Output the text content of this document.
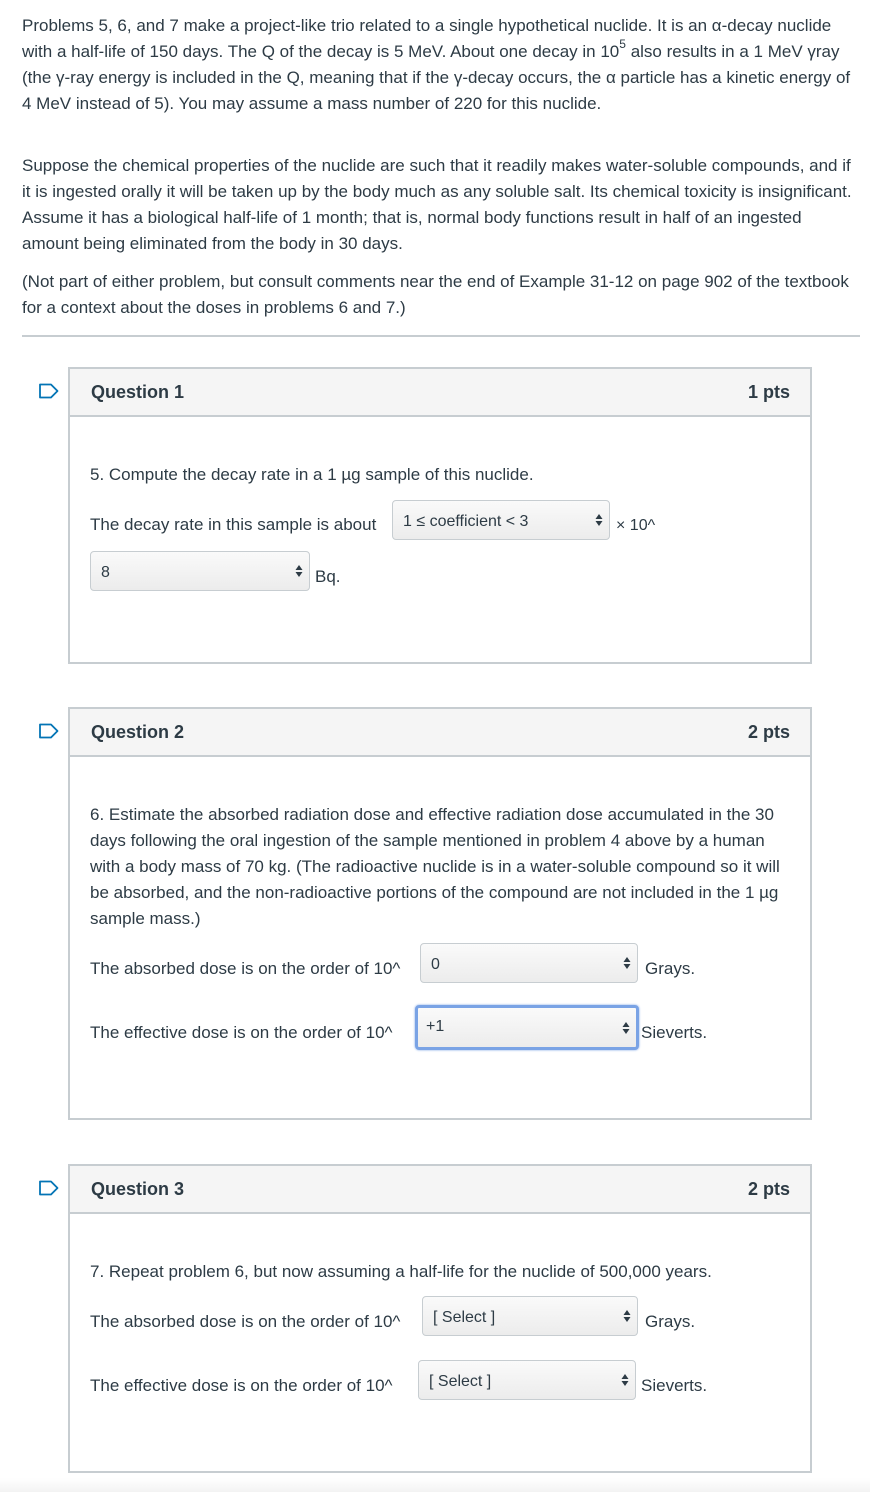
Problems 5, 6, and 7 make a project-like trio related to a single hypothetical nuclide. It is an α-decay nuclide with a half-life of 150 days. The Q of the decay is 5 MeV. About one decay in $10^5$ also results in a 1 MeV γray (the γ-ray energy is included in the Q, meaning that if the γ-decay occurs, the α particle has a kinetic energy of 4 MeV instead of 5). You may assume a mass number of 220 for this nuclide.

Suppose the chemical properties of the nuclide are such that it readily makes water-soluble compounds, and if it is ingested orally it will be taken up by the body much as any soluble salt. Its chemical toxicity is insignificant. Assume it has a biological half-life of 1 month; that is, normal body functions result in half of an ingested amount being eliminated from the body in 30 days.

(Not part of either problem, but consult comments near the end of Example 31-12 on page 902 of the textbook for a context about the doses in problems 6 and 7.)

Question 1	1 pts
5. Compute the decay rate in a 1 µg sample of this nuclide.
The decay rate in this sample is about	1 ≤ coefficient < 3	× 10^
8	Bq.
Question 2	2 pts
6. Estimate the absorbed radiation dose and effective radiation dose accumulated in the 30 days following the oral ingestion of the sample mentioned in problem 4 above by a human with a body mass of 70 kg. (The radioactive nuclide is in a water-soluble compound so it will be absorbed, and the non-radioactive portions of the compound are not included in the 1 µg sample mass.)
The absorbed dose is on the order of 10^	0	Grays.
The effective dose is on the order of 10^	+1	Sieverts.
Question 3	2 pts
7. Repeat problem 6, but now assuming a half-life for the nuclide of 500,000 years.
The absorbed dose is on the order of 10^	[ Select ]	Grays.
The effective dose is on the order of 10^	[ Select ]	Sieverts.
